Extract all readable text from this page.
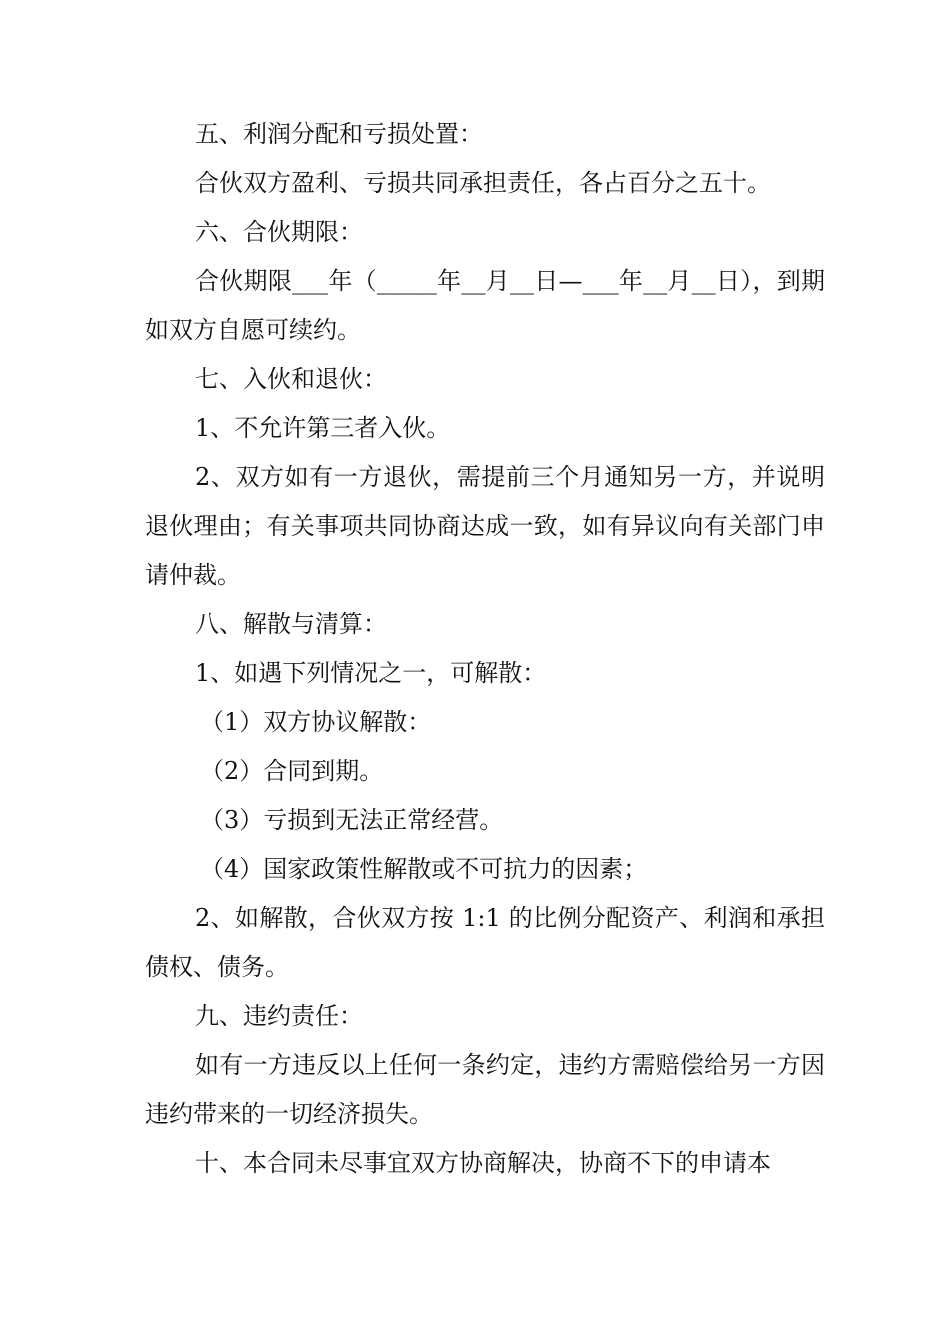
五、利润分配和亏损处置：

合伙双方盈利、亏损共同承担责任，各占百分之五十。

六、合伙期限：

合伙期限___年（_____年__月__日—___年__月__日），到期如双方自愿可续约。

七、入伙和退伙：

1、不允许第三者入伙。

2、双方如有一方退伙，需提前三个月通知另一方，并说明退伙理由；有关事项共同协商达成一致，如有异议向有关部门申请仲裁。

八、解散与清算：

1、如遇下列情况之一，可解散：

（1）双方协议解散：

（2）合同到期。

（3）亏损到无法正常经营。

（4）国家政策性解散或不可抗力的因素；

2、如解散，合伙双方按 1:1 的比例分配资产、利润和承担债权、债务。

九、违约责任：

如有一方违反以上任何一条约定，违约方需赔偿给另一方因违约带来的一切经济损失。

十、本合同未尽事宜双方协商解决，协商不下的申请本
